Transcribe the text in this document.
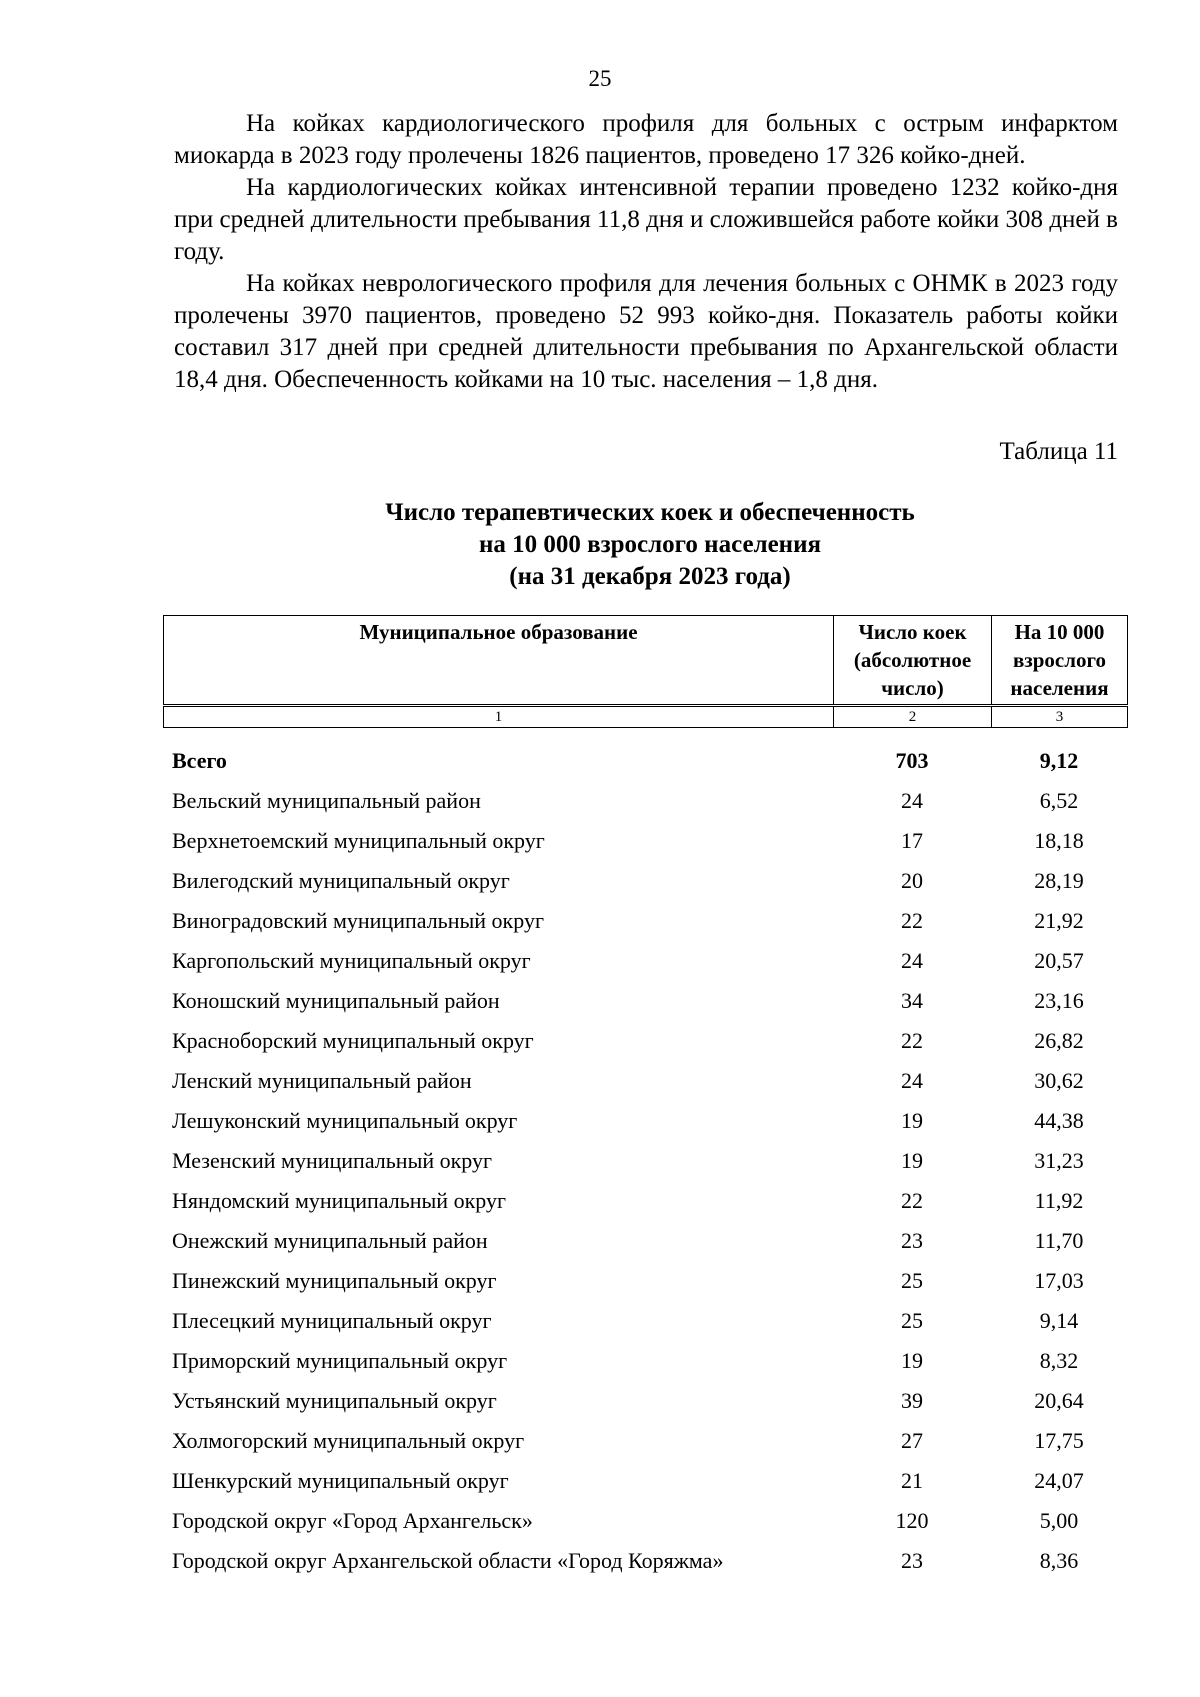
25

На койках кардиологического профиля для больных с острым инфарктом миокарда в 2023 году пролечены 1826 пациентов, проведено 17 326 койко-дней.

На кардиологических койках интенсивной терапии проведено 1232 койко-дня при средней длительности пребывания 11,8 дня и сложившейся работе койки 308 дней в году.

На койках неврологического профиля для лечения больных с ОНМК в 2023 году пролечены 3970 пациентов, проведено 52 993 койко-дня. Показатель работы койки составил 317 дней при средней длительности пребывания по Архангельской области 18,4 дня. Обеспеченность койками на 10 тыс. населения – 1,8 дня.

Таблица 11
Число терапевтических коек и обеспеченность
на 10 000 взрослого населения
(на 31 декабря 2023 года)
Муниципальное образование	Число коек (абсолютное число)	На 10 000 взрослого населения

1	2	3
Всего	703	9,12
Вельский муниципальный район	24	6,52
Верхнетоемский муниципальный округ	17	18,18
Вилегодский муниципальный округ	20	28,19
Виноградовский муниципальный округ	22	21,92
Каргопольский муниципальный округ	24	20,57
Коношский муниципальный район	34	23,16
Красноборский муниципальный округ	22	26,82
Ленский муниципальный район	24	30,62
Лешуконский муниципальный округ	19	44,38
Мезенский муниципальный округ	19	31,23
Няндомский муниципальный округ	22	11,92
Онежский муниципальный район	23	11,70
Пинежский муниципальный округ	25	17,03
Плесецкий муниципальный округ	25	9,14
Приморский муниципальный округ	19	8,32
Устьянский муниципальный округ	39	20,64
Холмогорский муниципальный округ	27	17,75
Шенкурский муниципальный округ	21	24,07
Городской округ «Город Архангельск»	120	5,00
Городской округ Архангельской области «Город Коряжма»	23	8,36
